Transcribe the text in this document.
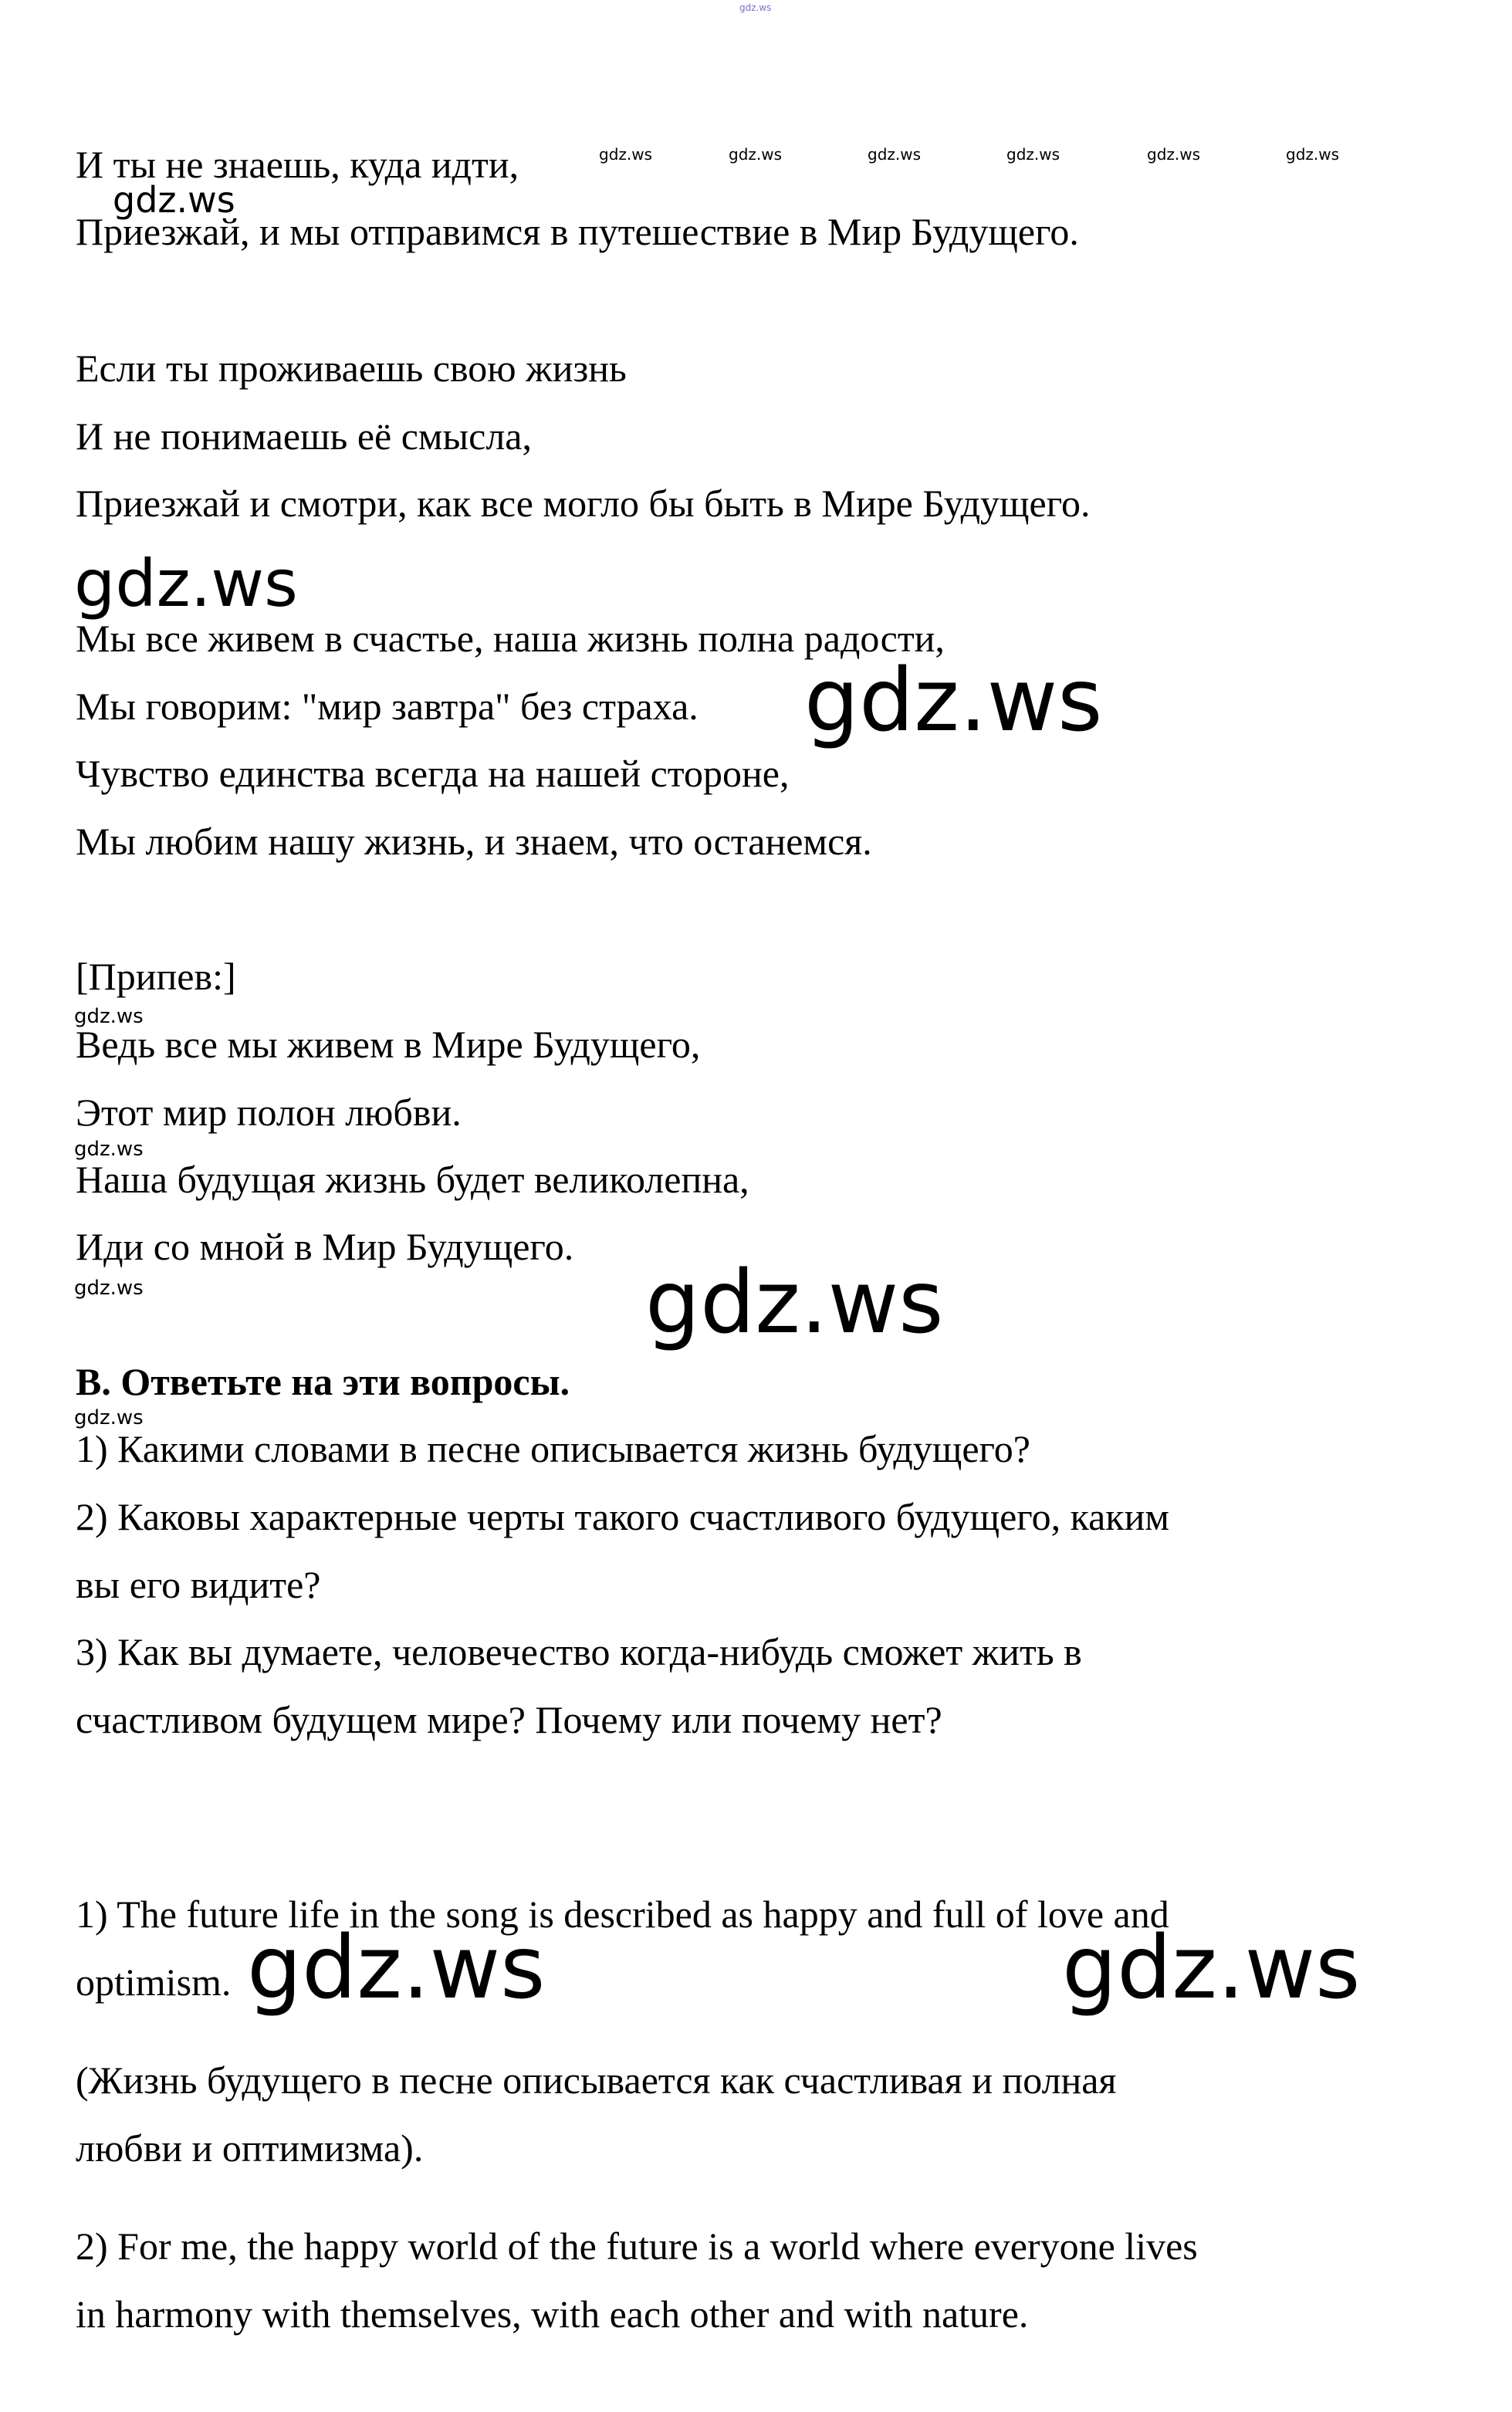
gdz.ws
И ты не знаешь, куда идти,
Приезжай, и мы отправимся в путешествие в Мир Будущего.
gdz.ws	gdz.ws	gdz.ws	gdz.ws	gdz.ws	gdz.ws
gdz.ws
Если ты проживаешь свою жизнь
И не понимаешь её смысла,
Приезжай и смотри, как все могло бы быть в Мире Будущего.
gdz.ws
Мы все живем в счастье, наша жизнь полна радости,
Мы говорим: "мир завтра" без страха.
Чувство единства всегда на нашей стороне,
Мы любим нашу жизнь, и знаем, что останемся.
gdz.ws
[Припев:]
gdz.ws
Ведь все мы живем в Мире Будущего,
Этот мир полон любви.
gdz.ws
Наша будущая жизнь будет великолепна,
Иди со мной в Мир Будущего.
gdz.ws	gdz.ws
B. Ответьте на эти вопросы.
gdz.ws
1) Какими словами в песне описывается жизнь будущего?
2) Каковы характерные черты такого счастливого будущего, каким
вы его видите?
3) Как вы думаете, человечество когда-нибудь сможет жить в
счастливом будущем мире? Почему или почему нет?
1) The future life in the song is described as happy and full of love and
optimism. gdz.ws	gdz.ws
(Жизнь будущего в песне описывается как счастливая и полная
любви и оптимизма).
2) For me, the happy world of the future is a world where everyone lives
in harmony with themselves, with each other and with nature.
